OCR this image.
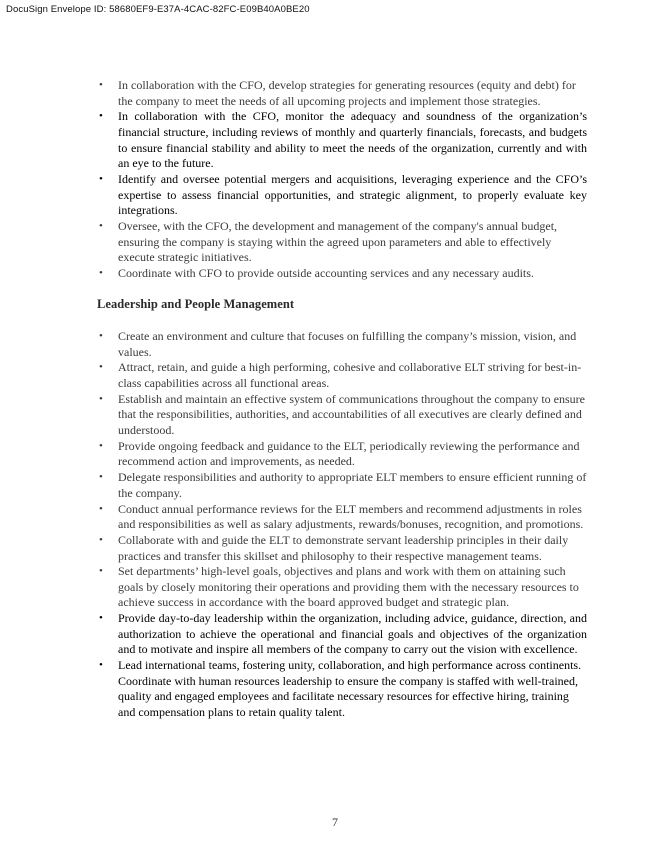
DocuSign Envelope ID: 58680EF9-E37A-4CAC-82FC-E09B40A0BE20
• In collaboration with the CFO, develop strategies for generating resources (equity and debt) for the company to meet the needs of all upcoming projects and implement those strategies.
• In collaboration with the CFO, monitor the adequacy and soundness of the organization’s financial structure, including reviews of monthly and quarterly financials, forecasts, and budgets to ensure financial stability and ability to meet the needs of the organization, currently and with an eye to the future.
• Identify and oversee potential mergers and acquisitions, leveraging experience and the CFO’s expertise to assess financial opportunities, and strategic alignment, to properly evaluate key integrations.
• Oversee, with the CFO, the development and management of the company's annual budget, ensuring the company is staying within the agreed upon parameters and able to effectively execute strategic initiatives.
• Coordinate with CFO to provide outside accounting services and any necessary audits.
Leadership and People Management
• Create an environment and culture that focuses on fulfilling the company’s mission, vision, and values.
• Attract, retain, and guide a high performing, cohesive and collaborative ELT striving for best-in-class capabilities across all functional areas.
• Establish and maintain an effective system of communications throughout the company to ensure that the responsibilities, authorities, and accountabilities of all executives are clearly defined and understood.
• Provide ongoing feedback and guidance to the ELT, periodically reviewing the performance and recommend action and improvements, as needed.
• Delegate responsibilities and authority to appropriate ELT members to ensure efficient running of the company.
• Conduct annual performance reviews for the ELT members and recommend adjustments in roles and responsibilities as well as salary adjustments, rewards/bonuses, recognition, and promotions.
• Collaborate with and guide the ELT to demonstrate servant leadership principles in their daily practices and transfer this skillset and philosophy to their respective management teams.
• Set departments’ high-level goals, objectives and plans and work with them on attaining such goals by closely monitoring their operations and providing them with the necessary resources to achieve success in accordance with the board approved budget and strategic plan.
• Provide day-to-day leadership within the organization, including advice, guidance, direction, and authorization to achieve the operational and financial goals and objectives of the organization and to motivate and inspire all members of the company to carry out the vision with excellence.
• Lead international teams, fostering unity, collaboration, and high performance across continents. Coordinate with human resources leadership to ensure the company is staffed with well-trained, quality and engaged employees and facilitate necessary resources for effective hiring, training and compensation plans to retain quality talent.
7
